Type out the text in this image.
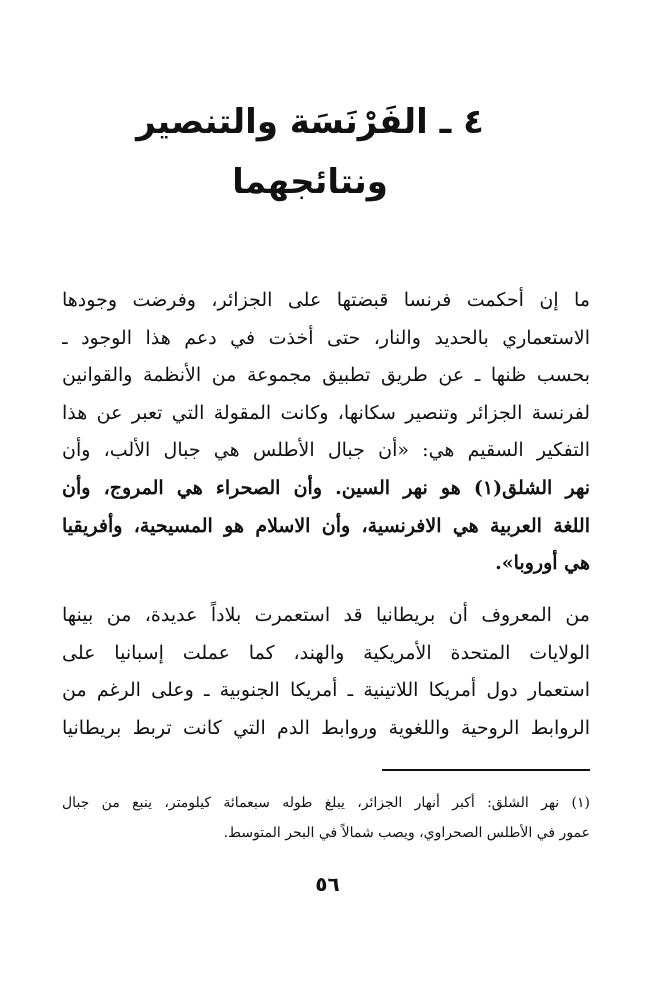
٤ ـ الفَرْنَسَة والتنصير ونتائجهما
ما إن أحكمت فرنسا قبضتها على الجزائر، وفرضت وجودها
الاستعماري بالحديد والنار، حتى أخذت في دعم هذا الوجود ـ
بحسب ظنها ـ عن طريق تطبيق مجموعة من الأنظمة والقوانين
لفرنسة الجزائر وتنصير سكانها، وكانت المقولة التي تعبر عن هذا
التفكير السقيم هي: «أن جبال الأطلس هي جبال الألب، وأن
نهر الشلق(١) هو نهر السين. وأن الصحراء هي المروج، وأن
اللغة العربية هي الافرنسية، وأن الاسلام هو المسيحية، وأفريقيا
هي أوروبا».
من المعروف أن بريطانيا قد استعمرت بلاداً عديدة، من بينها
الولايات المتحدة الأمريكية والهند، كما عملت إسبانيا على
استعمار دول أمريكا اللاتينية ـ أمريكا الجنوبية ـ وعلى الرغم من
الروابط الروحية واللغوية وروابط الدم التي كانت تربط بريطانيا
(١) نهر الشلق: أكبر أنهار الجزائر، يبلغ طوله سبعمائة كيلومتر، ينبع من جبال
عمور في الأطلس الصحراوي، ويصب شمالاً في البحر المتوسط.
٥٦
